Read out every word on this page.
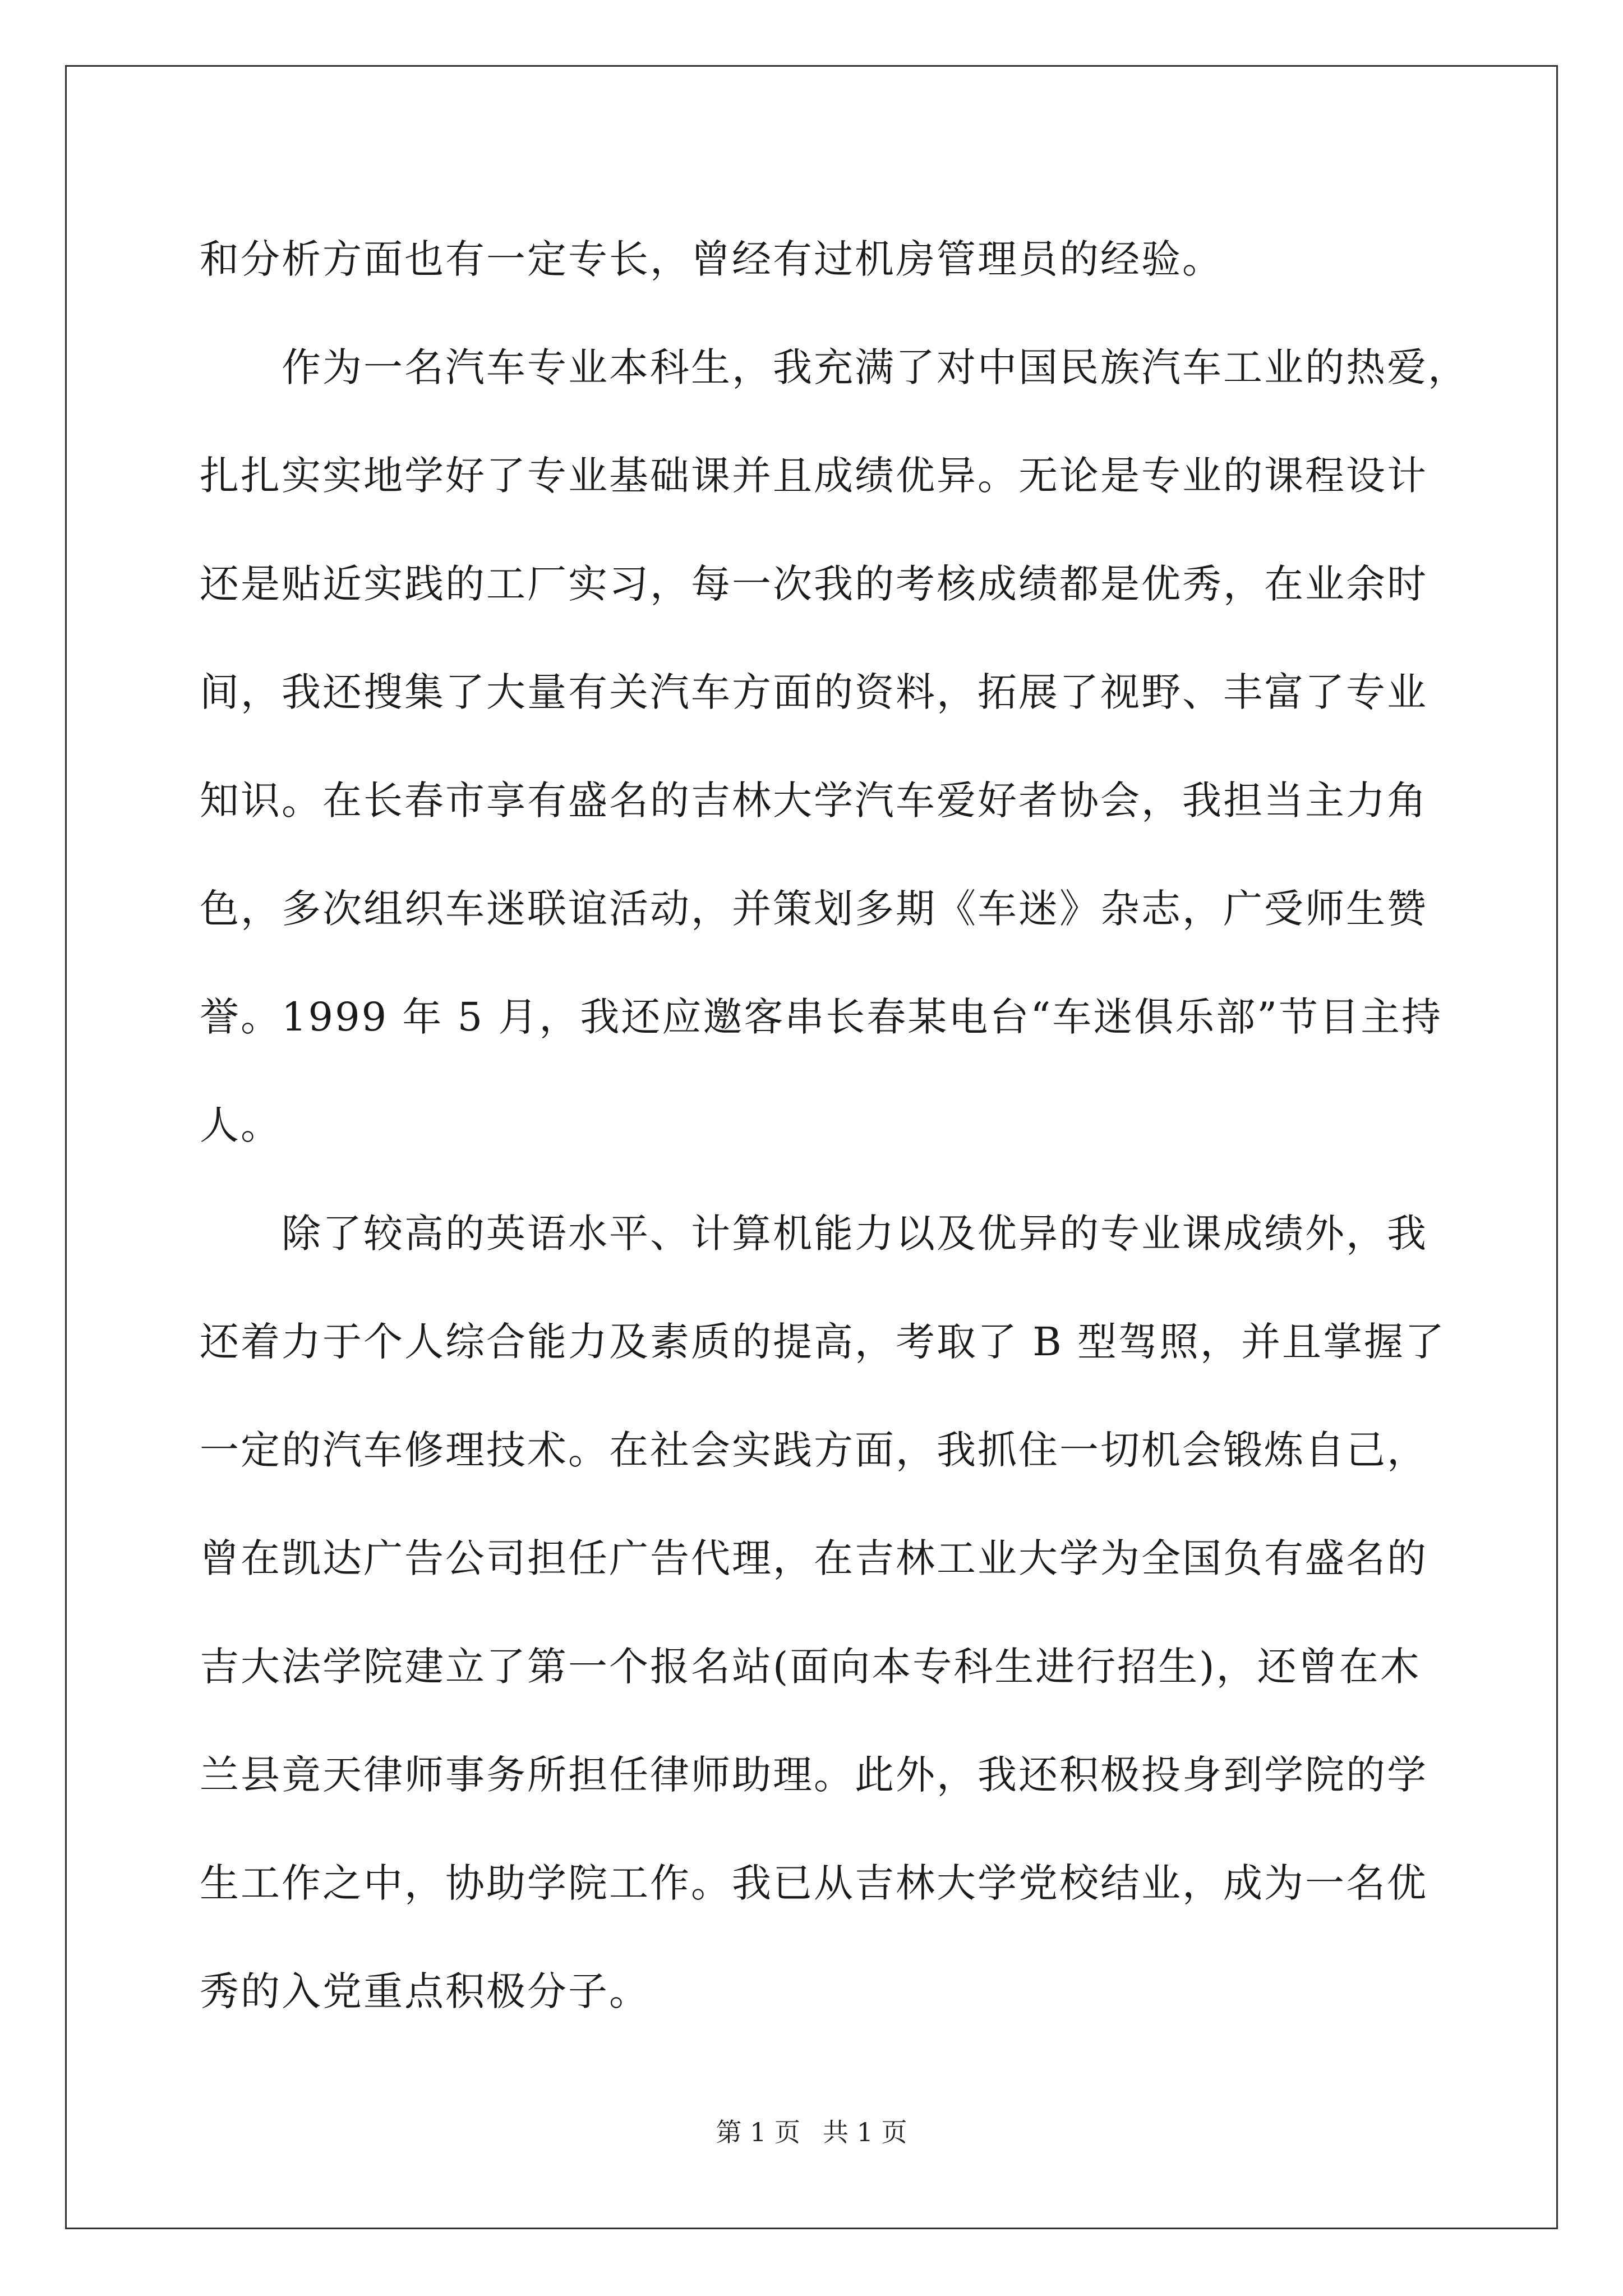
和分析方面也有一定专长，曾经有过机房管理员的经验。
　　作为一名汽车专业本科生，我充满了对中国民族汽车工业的热爱，
扎扎实实地学好了专业基础课并且成绩优异。无论是专业的课程设计
还是贴近实践的工厂实习，每一次我的考核成绩都是优秀，在业余时
间，我还搜集了大量有关汽车方面的资料，拓展了视野、丰富了专业
知识。在长春市享有盛名的吉林大学汽车爱好者协会，我担当主力角
色，多次组织车迷联谊活动，并策划多期《车迷》杂志，广受师生赞
誉。1999 年 5 月，我还应邀客串长春某电台“车迷俱乐部”节目主持
人。
　　除了较高的英语水平、计算机能力以及优异的专业课成绩外，我
还着力于个人综合能力及素质的提高，考取了 B 型驾照，并且掌握了
一定的汽车修理技术。在社会实践方面，我抓住一切机会锻炼自己，
曾在凯达广告公司担任广告代理，在吉林工业大学为全国负有盛名的
吉大法学院建立了第一个报名站(面向本专科生进行招生)，还曾在木
兰县竟天律师事务所担任律师助理。此外，我还积极投身到学院的学
生工作之中，协助学院工作。我已从吉林大学党校结业，成为一名优
秀的入党重点积极分子。
第 1 页 共 1 页
